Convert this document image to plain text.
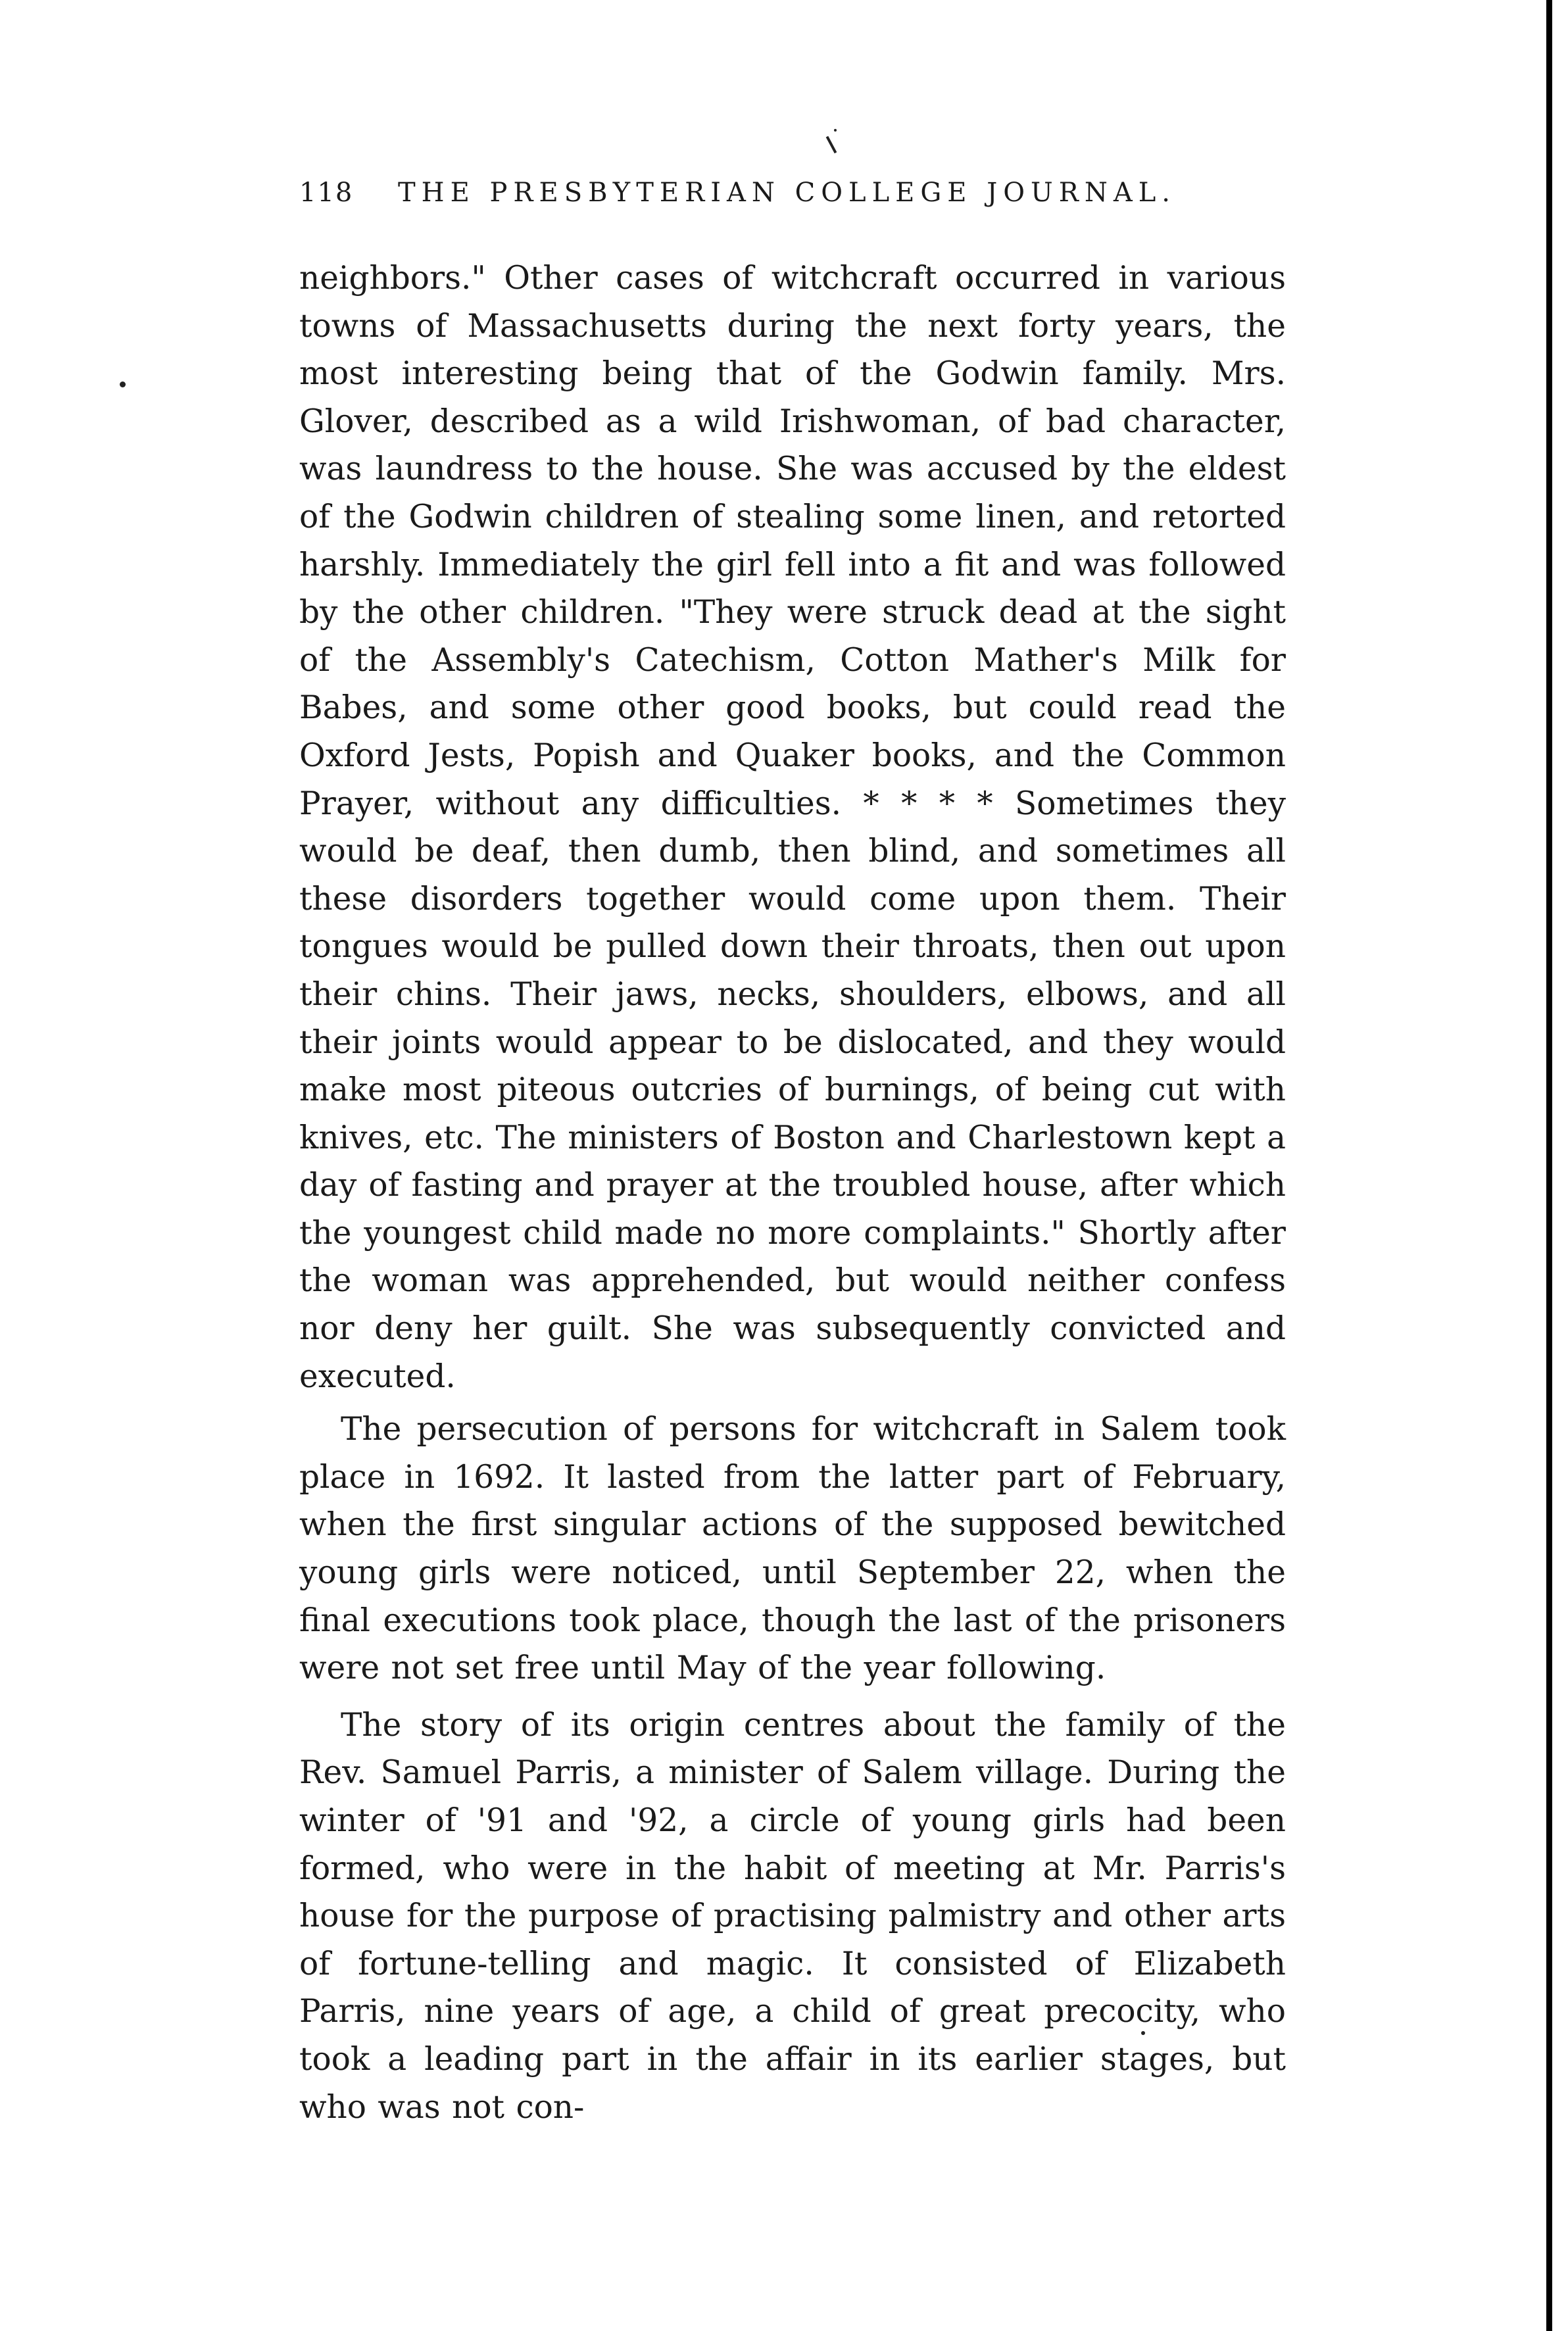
118 THE PRESBYTERIAN COLLEGE JOURNAL.

neighbors." Other cases of witchcraft occurred in various towns of Massachusetts during the next forty years, the most interesting being that of the Godwin family. Mrs. Glover, described as a wild Irishwoman, of bad character, was laundress to the house. She was accused by the eldest of the Godwin children of stealing some linen, and retorted harshly. Immediately the girl fell into a fit and was followed by the other children. "They were struck dead at the sight of the Assembly's Catechism, Cotton Mather's Milk for Babes, and some other good books, but could read the Oxford Jests, Popish and Quaker books, and the Common Prayer, without any difficulties. * * * * Sometimes they would be deaf, then dumb, then blind, and sometimes all these disorders together would come upon them. Their tongues would be pulled down their throats, then out upon their chins. Their jaws, necks, shoulders, elbows, and all their joints would appear to be dislocated, and they would make most piteous outcries of burnings, of being cut with knives, etc. The ministers of Boston and Charlestown kept a day of fasting and prayer at the troubled house, after which the youngest child made no more complaints." Shortly after the woman was apprehended, but would neither confess nor deny her guilt. She was subsequently convicted and executed.

The persecution of persons for witchcraft in Salem took place in 1692. It lasted from the latter part of February, when the first singular actions of the supposed bewitched young girls were noticed, until September 22, when the final executions took place, though the last of the prisoners were not set free until May of the year following.

The story of its origin centres about the family of the Rev. Samuel Parris, a minister of Salem village. During the winter of '91 and '92, a circle of young girls had been formed, who were in the habit of meeting at Mr. Parris's house for the purpose of practising palmistry and other arts of fortune-telling and magic. It consisted of Elizabeth Parris, nine years of age, a child of great precocity, who took a leading part in the affair in its earlier stages, but who was not con-
